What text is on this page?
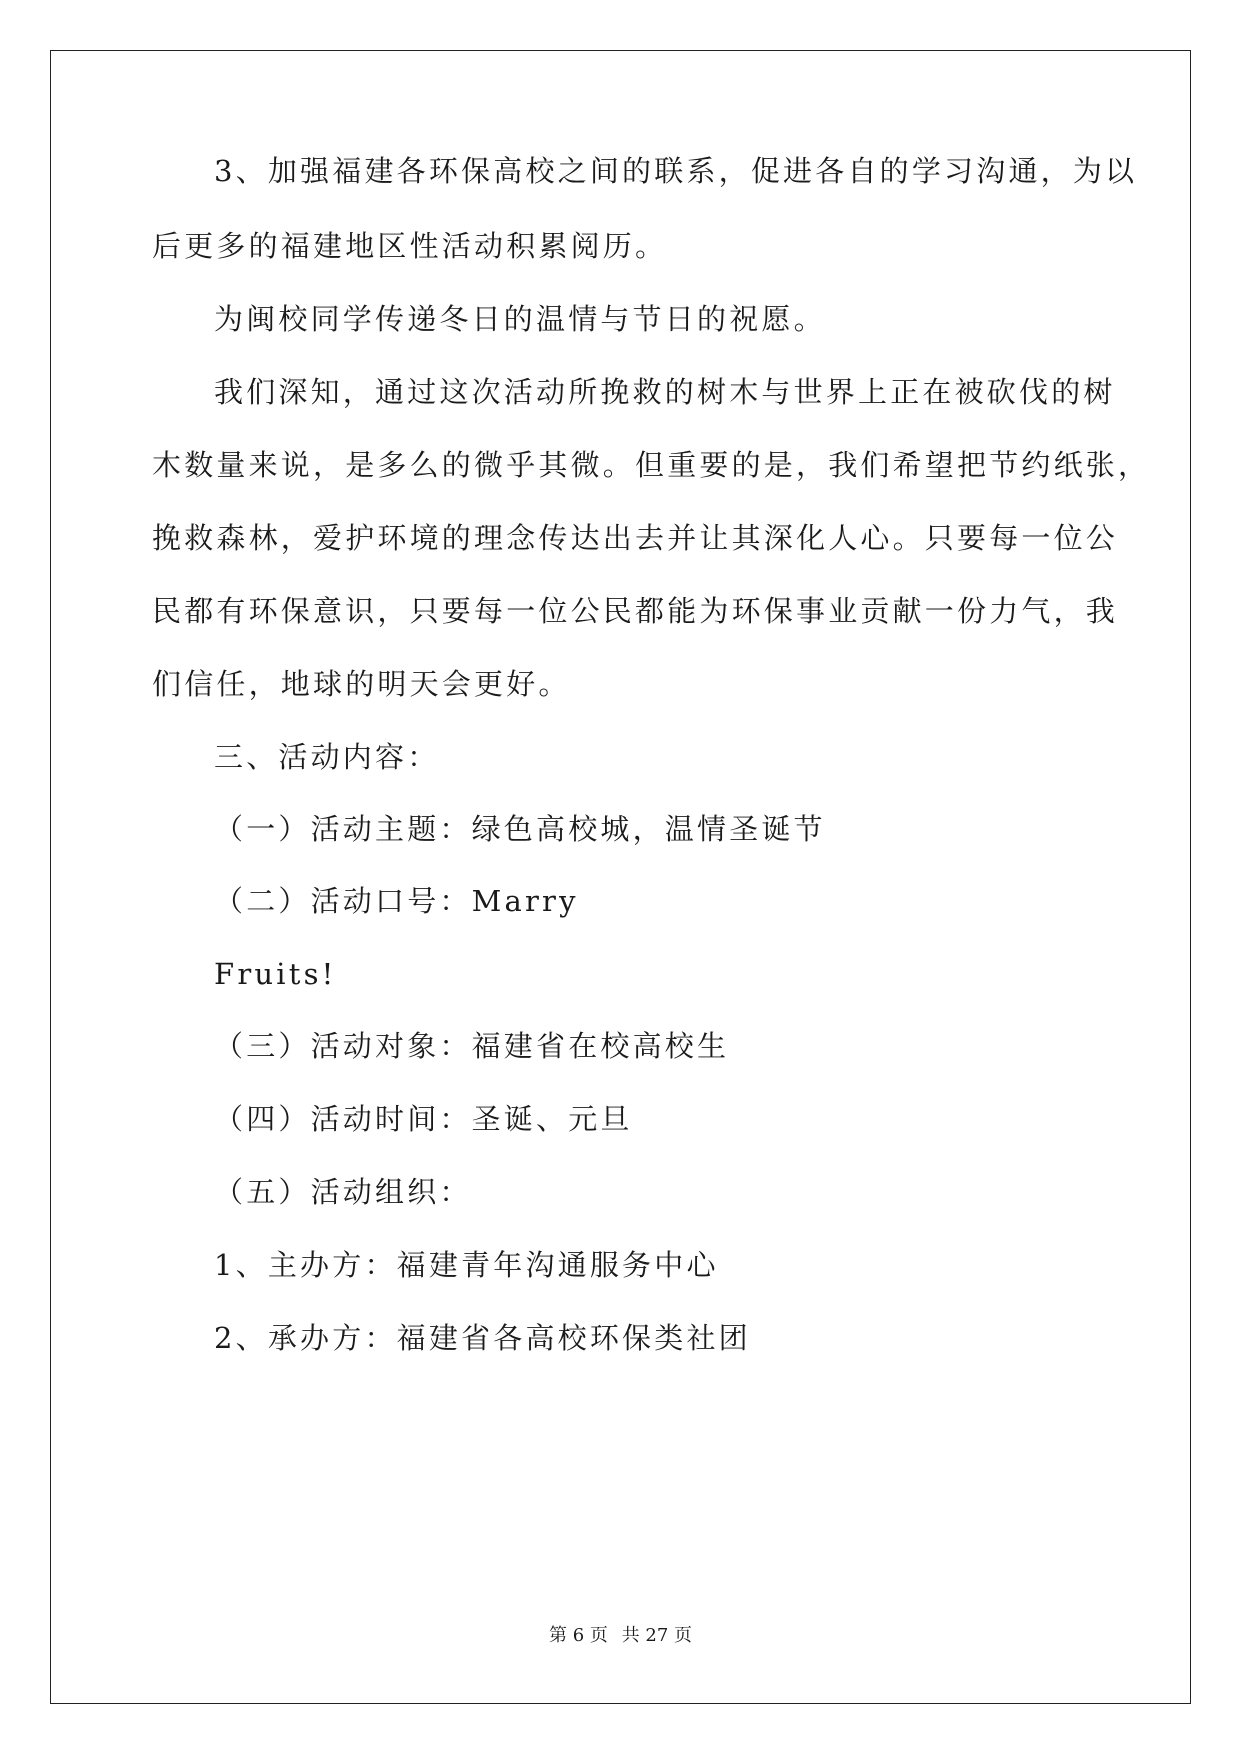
3、加强福建各环保高校之间的联系，促进各自的学习沟通，为以
后更多的福建地区性活动积累阅历。
为闽校同学传递冬日的温情与节日的祝愿。
我们深知，通过这次活动所挽救的树木与世界上正在被砍伐的树
木数量来说，是多么的微乎其微。但重要的是，我们希望把节约纸张，
挽救森林，爱护环境的理念传达出去并让其深化人心。只要每一位公
民都有环保意识，只要每一位公民都能为环保事业贡献一份力气，我
们信任，地球的明天会更好。
三、活动内容：
（一）活动主题：绿色高校城，温情圣诞节
（二）活动口号：Marry
Fruits!
（三）活动对象：福建省在校高校生
（四）活动时间：圣诞、元旦
（五）活动组织：
1、主办方：福建青年沟通服务中心
2、承办方：福建省各高校环保类社团
第 6 页 共 27 页
